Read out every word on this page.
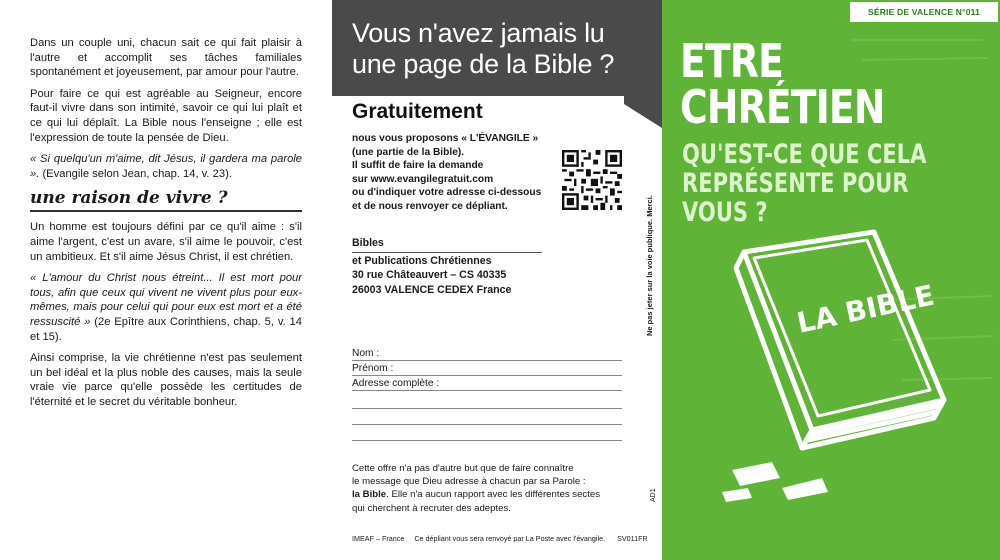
Dans un couple uni, chacun sait ce qui fait plaisir à l'autre et accomplit ses tâches familiales spontanément et joyeusement, par amour pour l'autre.

Pour faire ce qui est agréable au Seigneur, encore faut-il vivre dans son intimité, savoir ce qui lui plaît et ce qui lui déplaît. La Bible nous l'enseigne ; elle est l'expression de toute la pensée de Dieu.

« Si quelqu'un m'aime, dit Jésus, il gardera ma parole ». (Evangile selon Jean, chap. 14, v. 23).

une raison de vivre ?

Un homme est toujours défini par ce qu'il aime : s'il aime l'argent, c'est un avare, s'il aime le pouvoir, c'est un ambitieux. Et s'il aime Jésus Christ, il est chrétien.

« L'amour du Christ nous étreint... Il est mort pour tous, afin que ceux qui vivent ne vivent plus pour eux-mêmes, mais pour celui qui pour eux est mort et a été ressuscité » (2e Epître aux Corinthiens, chap. 5, v. 14 et 15).

Ainsi comprise, la vie chrétienne n'est pas seulement un bel idéal et la plus noble des causes, mais la seule vraie vie parce qu'elle possède les certitudes de l'éternité et le secret du véritable bonheur.

Vous n'avez jamais lu
une page de la Bible ?
Gratuitement
nous vous proposons « L'ÉVANGILE »
(une partie de la Bible).
Il suffit de faire la demande
sur www.evangilegratuit.com
ou d'indiquer votre adresse ci-dessous
et de nous renvoyer ce dépliant.	Ne pas jeter sur la voie publique. Merci.
Bibles
et Publications Chrétiennes
30 rue Châteauvert – CS 40335
26003 VALENCE CEDEX France
Nom :
Prénom :
Adresse complète :
Cette offre n'a pas d'autre but que de faire connaître
le message que Dieu adresse à chacun par sa Parole :
la Bible. Elle n'a aucun rapport avec les différentes sectes
qui cherchent à recruter des adeptes.
AD1
IMEAF – France Ce dépliant vous sera renvoyé par La Poste avec l'évangile. SV011FR
LA BIBLE
SÉRIE DE VALENCE N°011
ETRE
CHRÉTIEN
QU'EST-CE QUE CELA
REPRÉSENTE POUR
VOUS ?
